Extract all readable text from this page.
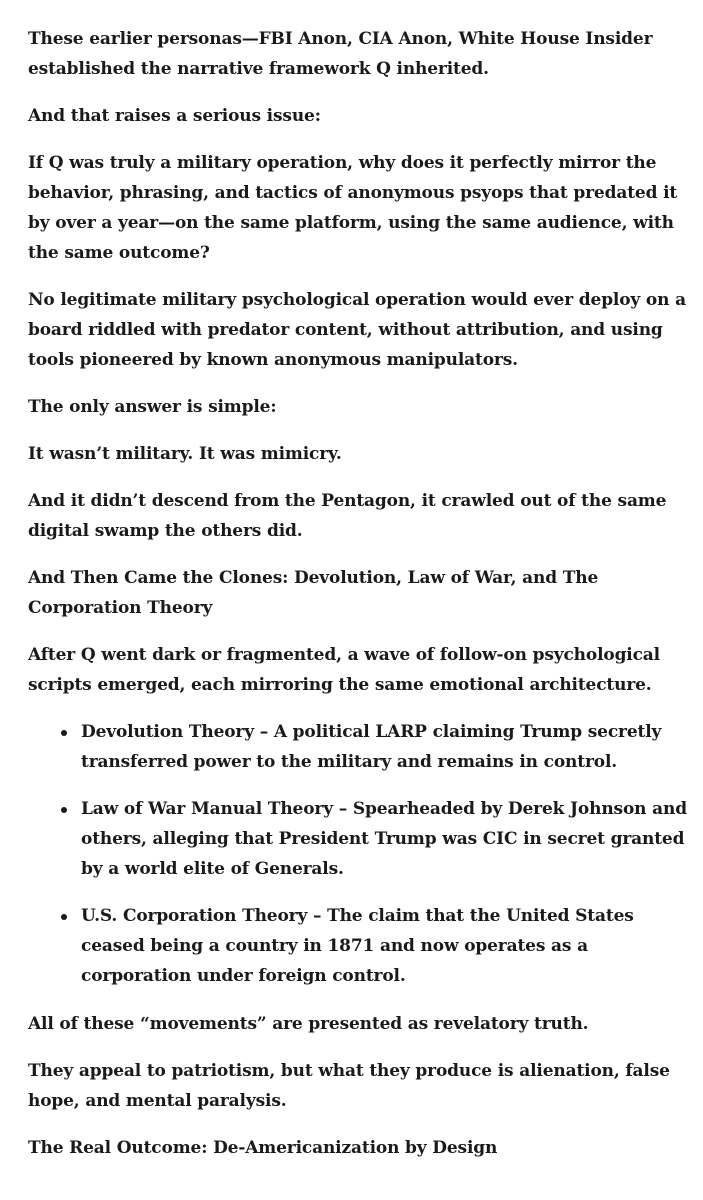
These earlier personas—FBI Anon, CIA Anon, White House Insider established the narrative framework Q inherited.

And that raises a serious issue:

If Q was truly a military operation, why does it perfectly mirror the behavior, phrasing, and tactics of anonymous psyops that predated it by over a year—on the same platform, using the same audience, with the same outcome?

No legitimate military psychological operation would ever deploy on a board riddled with predator content, without attribution, and using tools pioneered by known anonymous manipulators.

The only answer is simple:

It wasn’t military. It was mimicry.

And it didn’t descend from the Pentagon, it crawled out of the same digital swamp the others did.

And Then Came the Clones: Devolution, Law of War, and The Corporation Theory

After Q went dark or fragmented, a wave of follow-on psychological scripts emerged, each mirroring the same emotional architecture.

Devolution Theory – A political LARP claiming Trump secretly transferred power to the military and remains in control.
Law of War Manual Theory – Spearheaded by Derek Johnson and others, alleging that President Trump was CIC in secret granted by a world elite of Generals.
U.S. Corporation Theory – The claim that the United States ceased being a country in 1871 and now operates as a corporation under foreign control.

All of these “movements” are presented as revelatory truth.

They appeal to patriotism, but what they produce is alienation, false hope, and mental paralysis.

The Real Outcome: De-Americanization by Design
